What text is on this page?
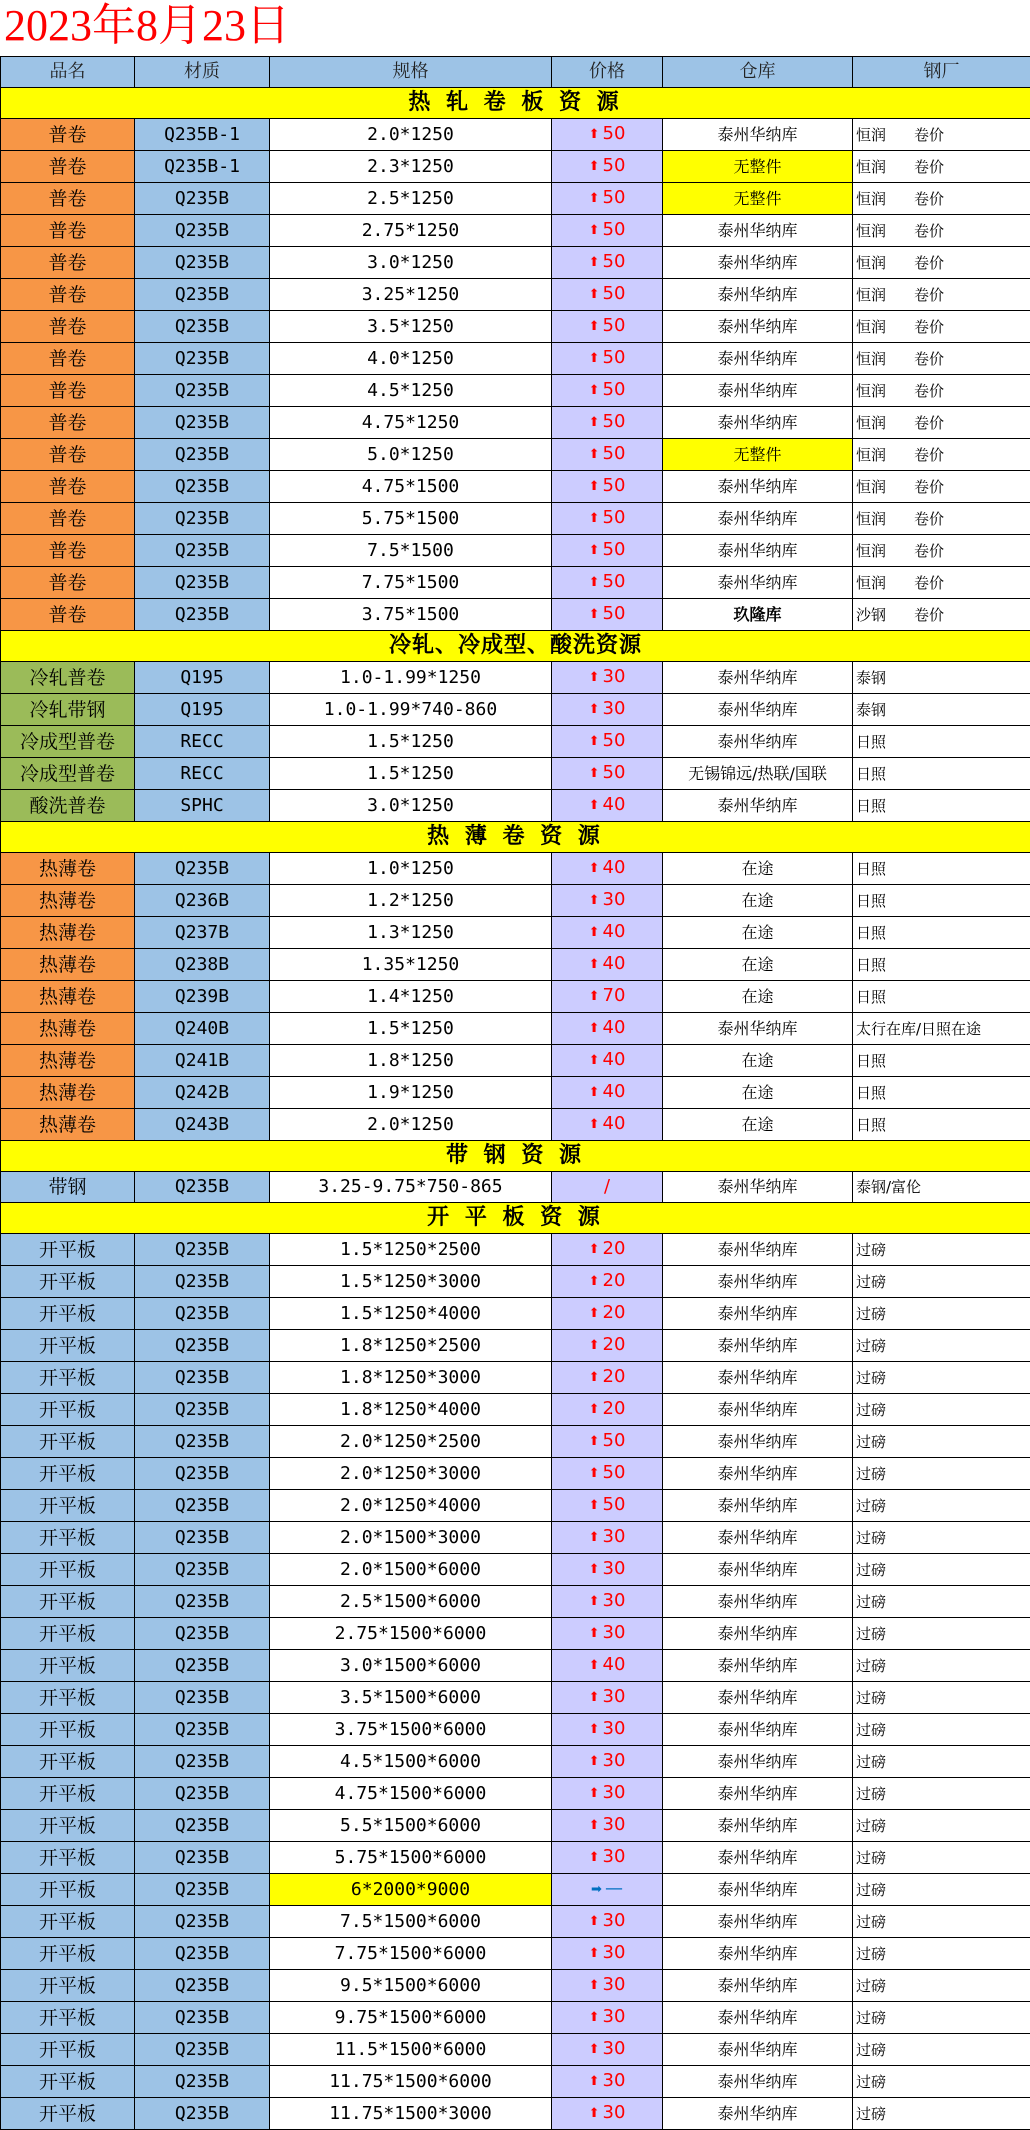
2023年8月23日
品名	材质	规格	价格	仓库	钢厂
热 轧 卷 板 资 源					
普卷	Q235B-1	2.0*1250	⬆ 50	泰州华纳库	恒润 卷价
普卷	Q235B-1	2.3*1250	⬆ 50	无整件	恒润 卷价
普卷	Q235B	2.5*1250	⬆ 50	无整件	恒润 卷价
普卷	Q235B	2.75*1250	⬆ 50	泰州华纳库	恒润 卷价
普卷	Q235B	3.0*1250	⬆ 50	泰州华纳库	恒润 卷价
普卷	Q235B	3.25*1250	⬆ 50	泰州华纳库	恒润 卷价
普卷	Q235B	3.5*1250	⬆ 50	泰州华纳库	恒润 卷价
普卷	Q235B	4.0*1250	⬆ 50	泰州华纳库	恒润 卷价
普卷	Q235B	4.5*1250	⬆ 50	泰州华纳库	恒润 卷价
普卷	Q235B	4.75*1250	⬆ 50	泰州华纳库	恒润 卷价
普卷	Q235B	5.0*1250	⬆ 50	无整件	恒润 卷价
普卷	Q235B	4.75*1500	⬆ 50	泰州华纳库	恒润 卷价
普卷	Q235B	5.75*1500	⬆ 50	泰州华纳库	恒润 卷价
普卷	Q235B	7.5*1500	⬆ 50	泰州华纳库	恒润 卷价
普卷	Q235B	7.75*1500	⬆ 50	泰州华纳库	恒润 卷价
普卷	Q235B	3.75*1500	⬆ 50	玖隆库	沙钢 卷价
冷轧、冷成型、酸洗资源					
冷轧普卷	Q195	1.0-1.99*1250	⬆ 30	泰州华纳库	泰钢
冷轧带钢	Q195	1.0-1.99*740-860	⬆ 30	泰州华纳库	泰钢
冷成型普卷	RECC	1.5*1250	⬆ 50	泰州华纳库	日照
冷成型普卷	RECC	1.5*1250	⬆ 50	无锡锦远/热联/国联	日照
酸洗普卷	SPHC	3.0*1250	⬆ 40	泰州华纳库	日照
热 薄 卷 资 源					
热薄卷	Q235B	1.0*1250	⬆ 40	在途	日照
热薄卷	Q236B	1.2*1250	⬆ 30	在途	日照
热薄卷	Q237B	1.3*1250	⬆ 40	在途	日照
热薄卷	Q238B	1.35*1250	⬆ 40	在途	日照
热薄卷	Q239B	1.4*1250	⬆ 70	在途	日照
热薄卷	Q240B	1.5*1250	⬆ 40	泰州华纳库	太行在库/日照在途
热薄卷	Q241B	1.8*1250	⬆ 40	在途	日照
热薄卷	Q242B	1.9*1250	⬆ 40	在途	日照
热薄卷	Q243B	2.0*1250	⬆ 40	在途	日照
带 钢 资 源					
带钢	Q235B	3.25-9.75*750-865	/	泰州华纳库	泰钢/富伦
开 平 板 资 源					
开平板	Q235B	1.5*1250*2500	⬆ 20	泰州华纳库	过磅
开平板	Q235B	1.5*1250*3000	⬆ 20	泰州华纳库	过磅
开平板	Q235B	1.5*1250*4000	⬆ 20	泰州华纳库	过磅
开平板	Q235B	1.8*1250*2500	⬆ 20	泰州华纳库	过磅
开平板	Q235B	1.8*1250*3000	⬆ 20	泰州华纳库	过磅
开平板	Q235B	1.8*1250*4000	⬆ 20	泰州华纳库	过磅
开平板	Q235B	2.0*1250*2500	⬆ 50	泰州华纳库	过磅
开平板	Q235B	2.0*1250*3000	⬆ 50	泰州华纳库	过磅
开平板	Q235B	2.0*1250*4000	⬆ 50	泰州华纳库	过磅
开平板	Q235B	2.0*1500*3000	⬆ 30	泰州华纳库	过磅
开平板	Q235B	2.0*1500*6000	⬆ 30	泰州华纳库	过磅
开平板	Q235B	2.5*1500*6000	⬆ 30	泰州华纳库	过磅
开平板	Q235B	2.75*1500*6000	⬆ 30	泰州华纳库	过磅
开平板	Q235B	3.0*1500*6000	⬆ 40	泰州华纳库	过磅
开平板	Q235B	3.5*1500*6000	⬆ 30	泰州华纳库	过磅
开平板	Q235B	3.75*1500*6000	⬆ 30	泰州华纳库	过磅
开平板	Q235B	4.5*1500*6000	⬆ 30	泰州华纳库	过磅
开平板	Q235B	4.75*1500*6000	⬆ 30	泰州华纳库	过磅
开平板	Q235B	5.5*1500*6000	⬆ 30	泰州华纳库	过磅
开平板	Q235B	5.75*1500*6000	⬆ 30	泰州华纳库	过磅
开平板	Q235B	6*2000*9000	➡ —	泰州华纳库	过磅
开平板	Q235B	7.5*1500*6000	⬆ 30	泰州华纳库	过磅
开平板	Q235B	7.75*1500*6000	⬆ 30	泰州华纳库	过磅
开平板	Q235B	9.5*1500*6000	⬆ 30	泰州华纳库	过磅
开平板	Q235B	9.75*1500*6000	⬆ 30	泰州华纳库	过磅
开平板	Q235B	11.5*1500*6000	⬆ 30	泰州华纳库	过磅
开平板	Q235B	11.75*1500*6000	⬆ 30	泰州华纳库	过磅
开平板	Q235B	11.75*1500*3000	⬆ 30	泰州华纳库	过磅
